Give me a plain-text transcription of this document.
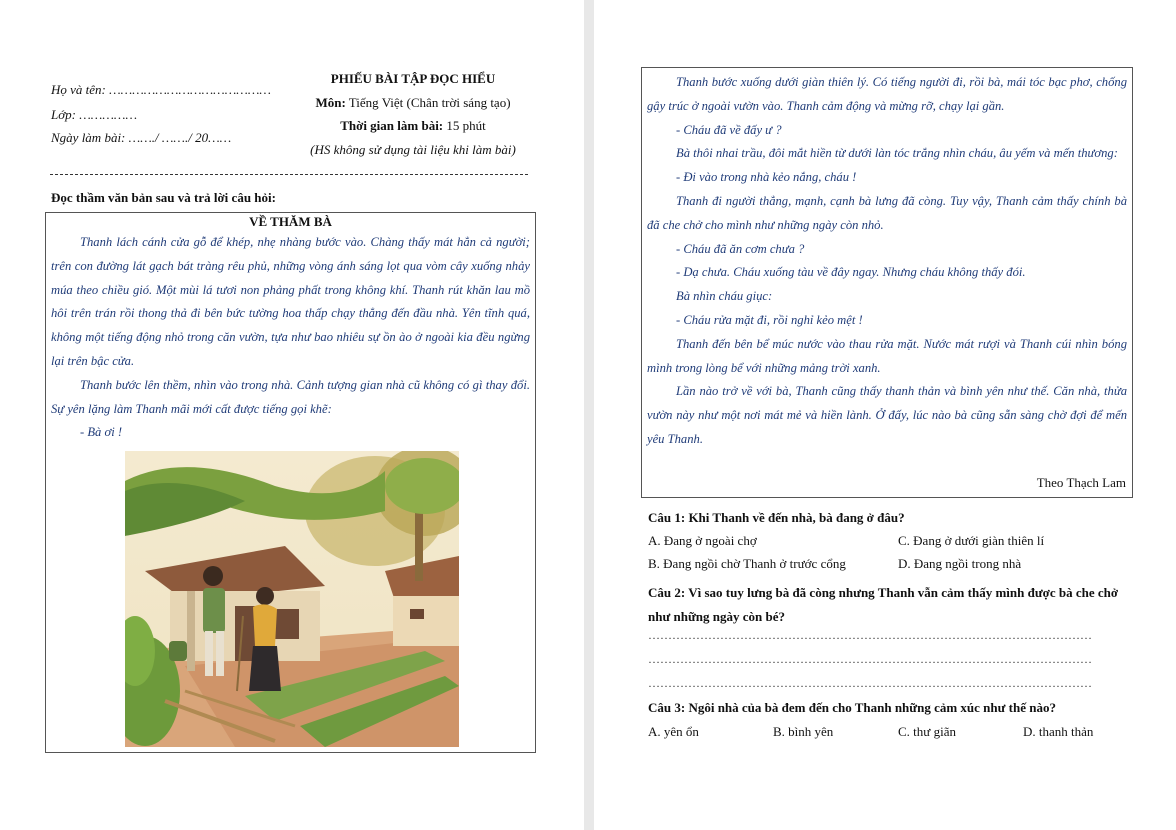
Họ và tên: ……………………………………
Lớp: ……………
Ngày làm bài: ……./ ……./ 20……
PHIẾU BÀI TẬP ĐỌC HIỂU
Môn: Tiếng Việt (Chân trời sáng tạo)
Thời gian làm bài: 15 phút
(HS không sử dụng tài liệu khi làm bài)
Đọc thầm văn bản sau và trả lời câu hỏi:
VỀ THĂM BÀ

Thanh lách cánh cửa gỗ để khép, nhẹ nhàng bước vào. Chàng thấy mát hẳn cả người; trên con đường lát gạch bát tràng rêu phủ, những vòng ánh sáng lọt qua vòm cây xuống nhảy múa theo chiều gió. Một mùi lá tươi non phảng phất trong không khí. Thanh rút khăn lau mồ hôi trên trán rồi thong thả đi bên bức tường hoa thấp chạy thẳng đến đầu nhà. Yên tĩnh quá, không một tiếng động nhỏ trong căn vườn, tựa như bao nhiêu sự ồn ào ở ngoài kia đều ngừng lại trên bậc cửa.

Thanh bước lên thềm, nhìn vào trong nhà. Cảnh tượng gian nhà cũ không có gì thay đổi. Sự yên lặng làm Thanh mãi mới cất được tiếng gọi khẽ:

- Bà ơi !

Thanh bước xuống dưới giàn thiên lý. Có tiếng người đi, rồi bà, mái tóc bạc phơ, chống gậy trúc ở ngoài vườn vào. Thanh cảm động và mừng rỡ, chạy lại gần.

- Cháu đã về đấy ư ?

Bà thôi nhai trầu, đôi mắt hiền từ dưới làn tóc trắng nhìn cháu, âu yếm và mến thương:

- Đi vào trong nhà kẻo nắng, cháu !

Thanh đi người thẳng, mạnh, cạnh bà lưng đã còng. Tuy vậy, Thanh cảm thấy chính bà đã che chở cho mình như những ngày còn nhỏ.

- Cháu đã ăn cơm chưa ?

- Dạ chưa. Cháu xuống tàu về đây ngay. Nhưng cháu không thấy đói.

Bà nhìn cháu giục:

- Cháu rửa mặt đi, rồi nghỉ kẻo mệt !

Thanh đến bên bể múc nước vào thau rửa mặt. Nước mát rượi và Thanh cúi nhìn bóng mình trong lòng bể với những mảng trời xanh.

Lần nào trở về với bà, Thanh cũng thấy thanh thản và bình yên như thế. Căn nhà, thửa vườn này như một nơi mát mẻ và hiền lành. Ở đấy, lúc nào bà cũng sẵn sàng chờ đợi để mến yêu Thanh.

Theo Thạch Lam
Câu 1: Khi Thanh về đến nhà, bà đang ở đâu?
A. Đang ở ngoài chợ	C. Đang ở dưới giàn thiên lí
B. Đang ngồi chờ Thanh ở trước cổng	D. Đang ngồi trong nhà
Câu 2: Vì sao tuy lưng bà đã còng nhưng Thanh vẫn cảm thấy mình được bà che chở như những ngày còn bé?
…………………………………………………………………………………………………
…………………………………………………………………………………………………
…………………………………………………………………………………………………
Câu 3: Ngôi nhà của bà đem đến cho Thanh những cảm xúc như thế nào?
A. yên ổn	B. bình yên	C. thư giãn	D. thanh thản
